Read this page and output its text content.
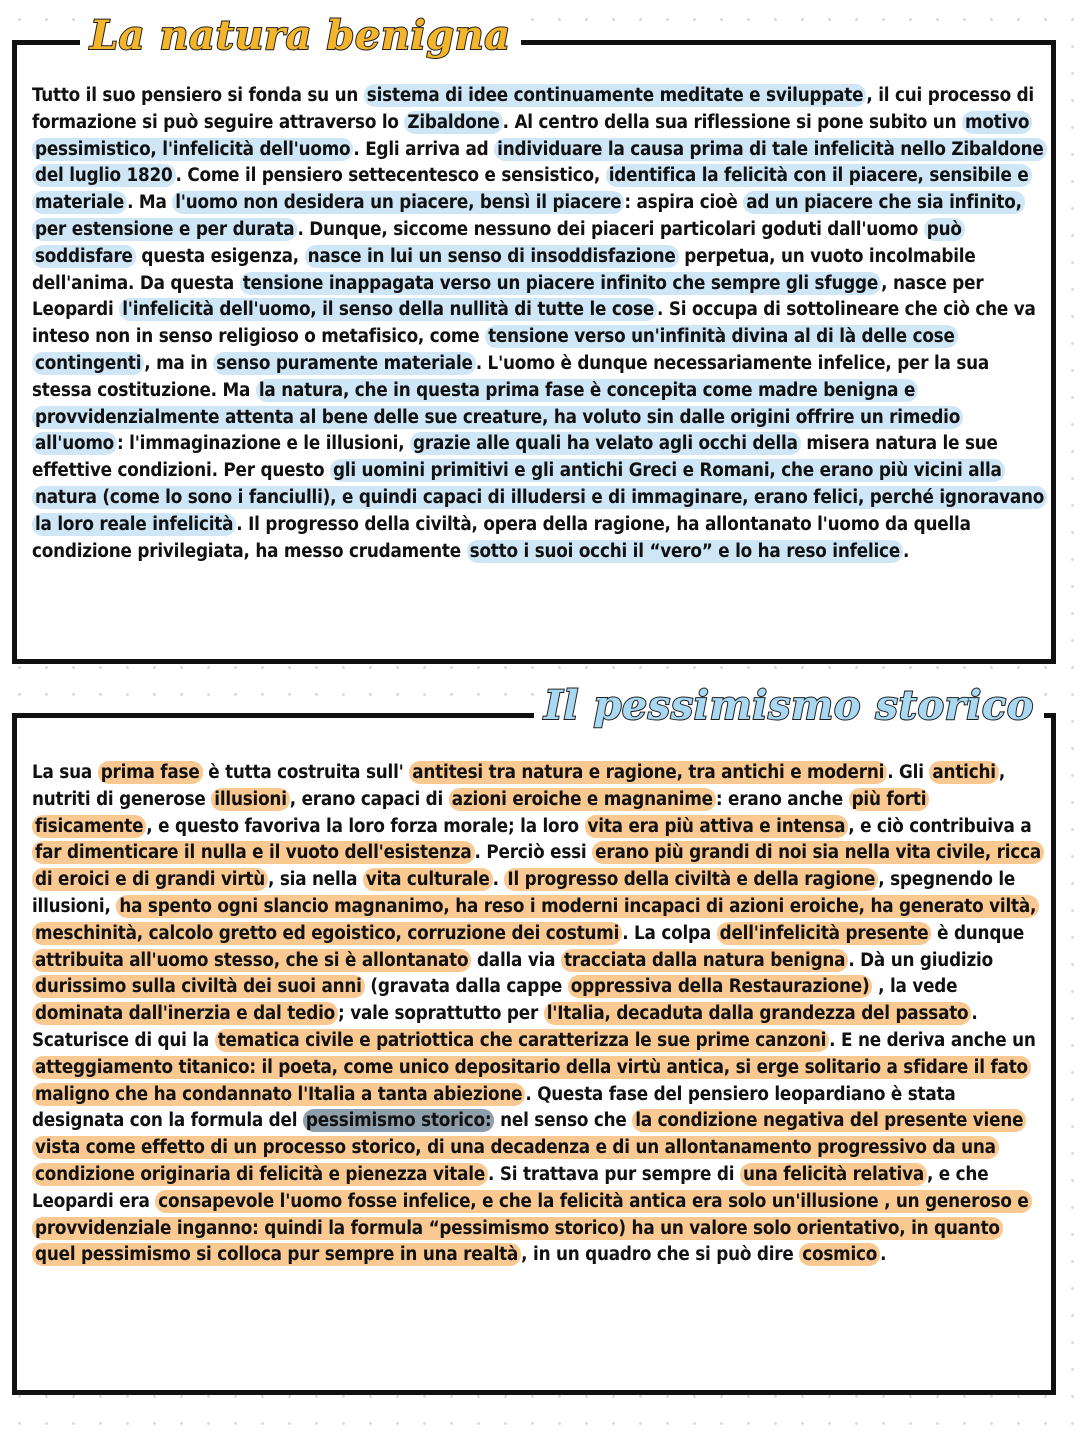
La natura benigna

Tutto il suo pensiero si fonda su un sistema di idee continuamente meditate e sviluppate , il cui processo di formazione si può seguire attraverso lo Zibaldone . Al centro della sua riflessione si pone subito un motivo pessimistico, l'infelicità dell'uomo . Egli arriva ad individuare la causa prima di tale infelicità nello Zibaldone del luglio 1820 . Come il pensiero settecentesco e sensistico, identifica la felicità con il piacere, sensibile e materiale . Ma l'uomo non desidera un piacere, bensì il piacere : aspira cioè ad un piacere che sia infinito, per estensione e per durata . Dunque, siccome nessuno dei piaceri particolari goduti dall'uomo può soddisfare questa esigenza, nasce in lui un senso di insoddisfazione perpetua, un vuoto incolmabile dell'anima. Da questa tensione inappagata verso un piacere infinito che sempre gli sfugge , nasce per Leopardi l'infelicità dell'uomo, il senso della nullità di tutte le cose . Si occupa di sottolineare che ciò che va inteso non in senso religioso o metafisico, come tensione verso un'infinità divina al di là delle cose contingenti , ma in senso puramente materiale . L'uomo è dunque necessariamente infelice, per la sua stessa costituzione. Ma la natura, che in questa prima fase è concepita come madre benigna e provvidenzialmente attenta al bene delle sue creature, ha voluto sin dalle origini offrire un rimedio all'uomo : l'immaginazione e le illusioni, grazie alle quali ha velato agli occhi della misera natura le sue effettive condizioni. Per questo gli uomini primitivi e gli antichi Greci e Romani, che erano più vicini alla natura (come lo sono i fanciulli), e quindi capaci di illudersi e di immaginare, erano felici, perché ignoravano la loro reale infelicità . Il progresso della civiltà, opera della ragione, ha allontanato l'uomo da quella condizione privilegiata, ha messo crudamente sotto i suoi occhi il “vero” e lo ha reso infelice .

Il pessimismo storico

La sua prima fase è tutta costruita sull' antitesi tra natura e ragione, tra antichi e moderni . Gli antichi , nutriti di generose illusioni , erano capaci di azioni eroiche e magnanime : erano anche più forti fisicamente , e questo favoriva la loro forza morale; la loro vita era più attiva e intensa , e ciò contribuiva a far dimenticare il nulla e il vuoto dell'esistenza . Perciò essi erano più grandi di noi sia nella vita civile, ricca di eroici e di grandi virtù , sia nella vita culturale . Il progresso della civiltà e della ragione , spegnendo le illusioni, ha spento ogni slancio magnanimo, ha reso i moderni incapaci di azioni eroiche, ha generato viltà, meschinità, calcolo gretto ed egoistico, corruzione dei costumi . La colpa dell'infelicità presente è dunque attribuita all'uomo stesso, che si è allontanato dalla via tracciata dalla natura benigna . Dà un giudizio durissimo sulla civiltà dei suoi anni (gravata dalla cappe oppressiva della Restaurazione) , la vede dominata dall'inerzia e dal tedio ; vale soprattutto per l'Italia, decaduta dalla grandezza del passato . Scaturisce di qui la tematica civile e patriottica che caratterizza le sue prime canzoni . E ne deriva anche un atteggiamento titanico: il poeta, come unico depositario della virtù antica, si erge solitario a sfidare il fato maligno che ha condannato l'Italia a tanta abiezione . Questa fase del pensiero leopardiano è stata designata con la formula del pessimismo storico: nel senso che la condizione negativa del presente viene vista come effetto di un processo storico, di una decadenza e di un allontanamento progressivo da una condizione originaria di felicità e pienezza vitale . Si trattava pur sempre di una felicità relativa , e che Leopardi era consapevole l'uomo fosse infelice, e che la felicità antica era solo un'illusione , un generoso e provvidenziale inganno: quindi la formula “pessimismo storico) ha un valore solo orientativo, in quanto quel pessimismo si colloca pur sempre in una realtà , in un quadro che si può dire cosmico .
